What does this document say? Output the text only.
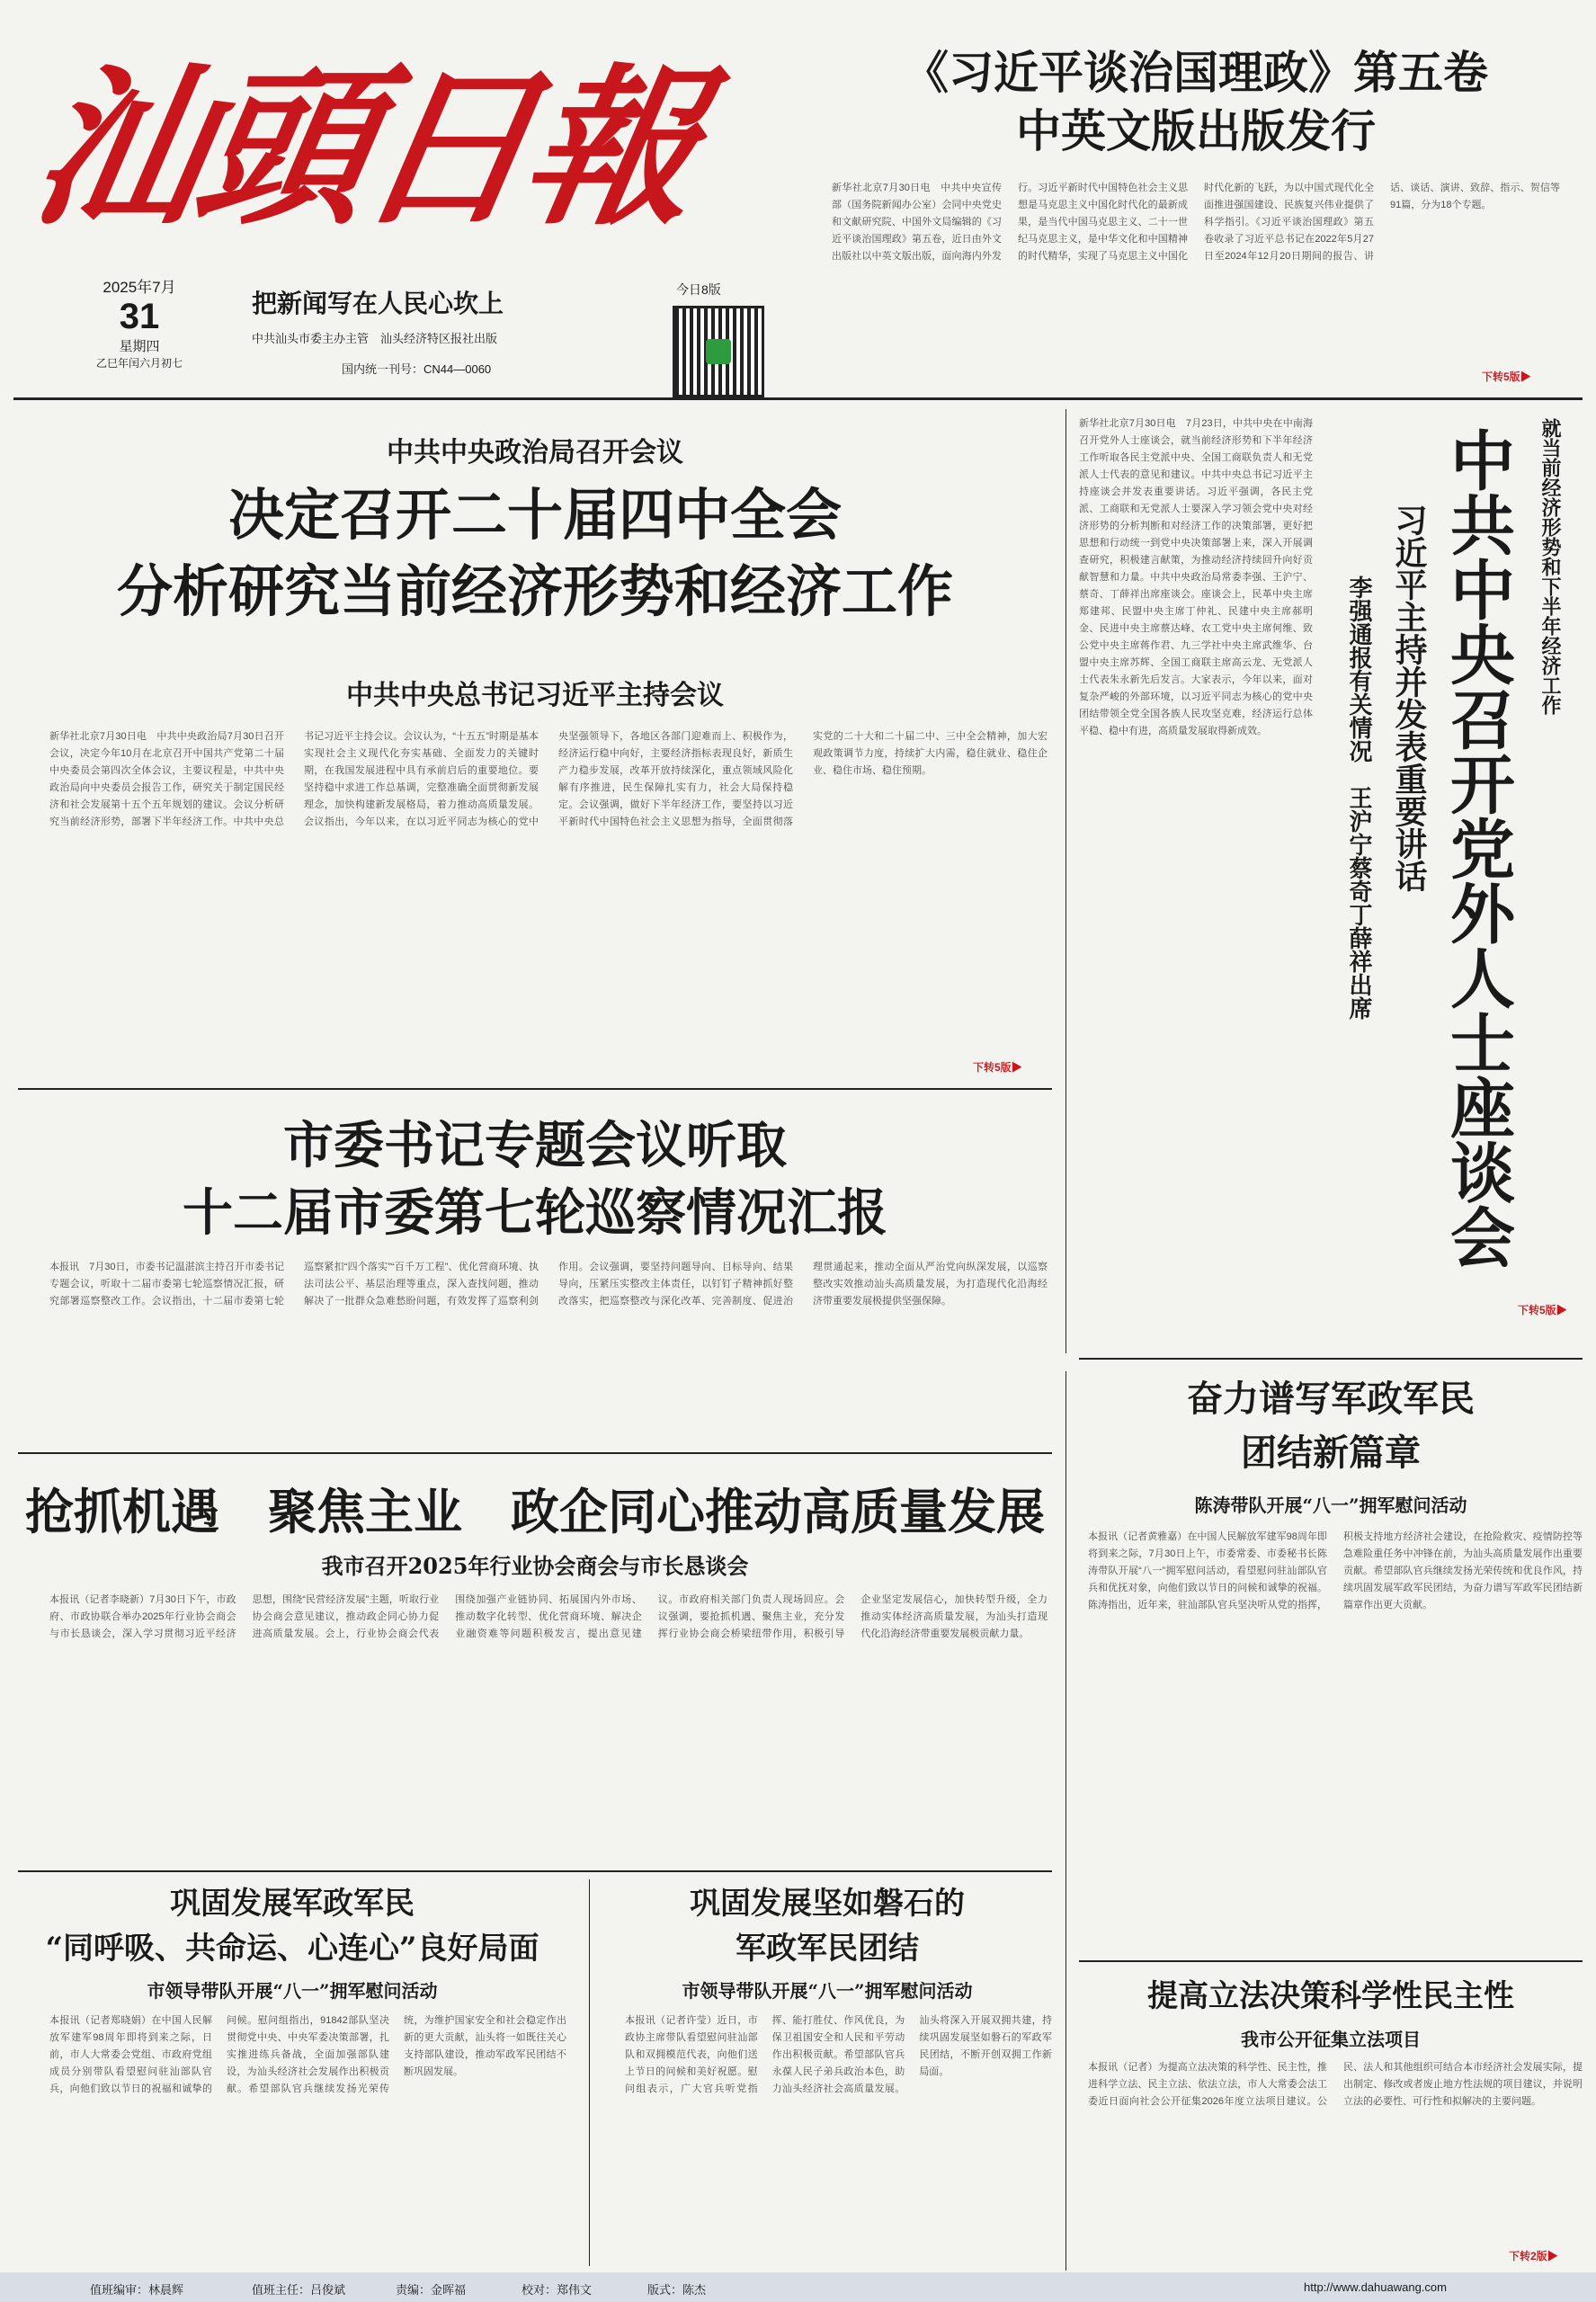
汕頭日報
2025年7月
31
星期四
乙巳年闰六月初七
把新闻写在人民心坎上
中共汕头市委主办主管　汕头经济特区报社出版
国内统一刊号：CN44—0060
今日8版
《习近平谈治国理政》第五卷
中英文版出版发行
新华社北京7月30日电　中共中央宣传部（国务院新闻办公室）会同中央党史和文献研究院、中国外文局编辑的《习近平谈治国理政》第五卷，近日由外文出版社以中英文版出版，面向海内外发行。习近平新时代中国特色社会主义思想是马克思主义中国化时代化的最新成果，是当代中国马克思主义、二十一世纪马克思主义，是中华文化和中国精神的时代精华，实现了马克思主义中国化时代化新的飞跃，为以中国式现代化全面推进强国建设、民族复兴伟业提供了科学指引。《习近平谈治国理政》第五卷收录了习近平总书记在2022年5月27日至2024年12月20日期间的报告、讲话、谈话、演讲、致辞、指示、贺信等91篇，分为18个专题。
下转5版▶
中共中央政治局召开会议
决定召开二十届四中全会
分析研究当前经济形势和经济工作
中共中央总书记习近平主持会议
新华社北京7月30日电　中共中央政治局7月30日召开会议，决定今年10月在北京召开中国共产党第二十届中央委员会第四次全体会议，主要议程是，中共中央政治局向中央委员会报告工作，研究关于制定国民经济和社会发展第十五个五年规划的建议。会议分析研究当前经济形势，部署下半年经济工作。中共中央总书记习近平主持会议。会议认为，“十五五”时期是基本实现社会主义现代化夯实基础、全面发力的关键时期，在我国发展进程中具有承前启后的重要地位。要坚持稳中求进工作总基调，完整准确全面贯彻新发展理念，加快构建新发展格局，着力推动高质量发展。会议指出，今年以来，在以习近平同志为核心的党中央坚强领导下，各地区各部门迎难而上、积极作为，经济运行稳中向好，主要经济指标表现良好，新质生产力稳步发展，改革开放持续深化，重点领域风险化解有序推进，民生保障扎实有力，社会大局保持稳定。会议强调，做好下半年经济工作，要坚持以习近平新时代中国特色社会主义思想为指导，全面贯彻落实党的二十大和二十届二中、三中全会精神，加大宏观政策调节力度，持续扩大内需，稳住就业、稳住企业、稳住市场、稳住预期。
下转5版▶
新华社北京7月30日电　7月23日，中共中央在中南海召开党外人士座谈会，就当前经济形势和下半年经济工作听取各民主党派中央、全国工商联负责人和无党派人士代表的意见和建议。中共中央总书记习近平主持座谈会并发表重要讲话。习近平强调，各民主党派、工商联和无党派人士要深入学习领会党中央对经济形势的分析判断和对经济工作的决策部署，更好把思想和行动统一到党中央决策部署上来，深入开展调查研究，积极建言献策，为推动经济持续回升向好贡献智慧和力量。中共中央政治局常委李强、王沪宁、蔡奇、丁薛祥出席座谈会。座谈会上，民革中央主席郑建邦、民盟中央主席丁仲礼、民建中央主席郝明金、民进中央主席蔡达峰、农工党中央主席何维、致公党中央主席蒋作君、九三学社中央主席武维华、台盟中央主席苏辉、全国工商联主席高云龙、无党派人士代表朱永新先后发言。大家表示，今年以来，面对复杂严峻的外部环境，以习近平同志为核心的党中央团结带领全党全国各族人民攻坚克难，经济运行总体平稳、稳中有进，高质量发展取得新成效。
就当前经济形势和下半年经济工作
中共中央召开党外人士座谈会
习近平主持并发表重要讲话
李强通报有关情况　王沪宁蔡奇丁薛祥出席
下转5版▶
市委书记专题会议听取
十二届市委第七轮巡察情况汇报
本报讯　7月30日，市委书记温湛滨主持召开市委书记专题会议，听取十二届市委第七轮巡察情况汇报，研究部署巡察整改工作。会议指出，十二届市委第七轮巡察紧扣“四个落实”“百千万工程”、优化营商环境、执法司法公平、基层治理等重点，深入查找问题，推动解决了一批群众急难愁盼问题，有效发挥了巡察利剑作用。会议强调，要坚持问题导向、目标导向、结果导向，压紧压实整改主体责任，以钉钉子精神抓好整改落实，把巡察整改与深化改革、完善制度、促进治理贯通起来，推动全面从严治党向纵深发展，以巡察整改实效推动汕头高质量发展，为打造现代化沿海经济带重要发展极提供坚强保障。
抢抓机遇　聚焦主业　政企同心推动高质量发展
我市召开2025年行业协会商会与市长恳谈会
本报讯（记者李晓新）7月30日下午，市政府、市政协联合举办2025年行业协会商会与市长恳谈会，深入学习贯彻习近平经济思想，围绕“民营经济发展”主题，听取行业协会商会意见建议，推动政企同心协力促进高质量发展。会上，行业协会商会代表围绕加强产业链协同、拓展国内外市场、推动数字化转型、优化营商环境、解决企业融资难等问题积极发言，提出意见建议。市政府相关部门负责人现场回应。会议强调，要抢抓机遇、聚焦主业，充分发挥行业协会商会桥梁纽带作用，积极引导企业坚定发展信心，加快转型升级，全力推动实体经济高质量发展，为汕头打造现代化沿海经济带重要发展极贡献力量。
巩固发展军政军民
“同呼吸、共命运、心连心”良好局面
市领导带队开展“八一”拥军慰问活动
本报讯（记者郑晓娟）在中国人民解放军建军98周年即将到来之际，日前，市人大常委会党组、市政府党组成员分别带队看望慰问驻汕部队官兵，向他们致以节日的祝福和诚挚的问候。慰问组指出，91842部队坚决贯彻党中央、中央军委决策部署，扎实推进练兵备战，全面加强部队建设，为汕头经济社会发展作出积极贡献。希望部队官兵继续发扬光荣传统，为维护国家安全和社会稳定作出新的更大贡献，汕头将一如既往关心支持部队建设，推动军政军民团结不断巩固发展。
巩固发展坚如磐石的
军政军民团结
市领导带队开展“八一”拥军慰问活动
本报讯（记者许莹）近日，市政协主席带队看望慰问驻汕部队和双拥模范代表，向他们送上节日的问候和美好祝愿。慰问组表示，广大官兵听党指挥、能打胜仗、作风优良，为保卫祖国安全和人民和平劳动作出积极贡献。希望部队官兵永葆人民子弟兵政治本色，助力汕头经济社会高质量发展。汕头将深入开展双拥共建，持续巩固发展坚如磐石的军政军民团结，不断开创双拥工作新局面。
奋力谱写军政军民
团结新篇章
陈涛带队开展“八一”拥军慰问活动
本报讯（记者黄雅嘉）在中国人民解放军建军98周年即将到来之际，7月30日上午，市委常委、市委秘书长陈涛带队开展“八一”拥军慰问活动，看望慰问驻汕部队官兵和优抚对象，向他们致以节日的问候和诚挚的祝福。陈涛指出，近年来，驻汕部队官兵坚决听从党的指挥，积极支持地方经济社会建设，在抢险救灾、疫情防控等急难险重任务中冲锋在前，为汕头高质量发展作出重要贡献。希望部队官兵继续发扬光荣传统和优良作风，持续巩固发展军政军民团结，为奋力谱写军政军民团结新篇章作出更大贡献。
提高立法决策科学性民主性
我市公开征集立法项目
本报讯（记者）为提高立法决策的科学性、民主性，推进科学立法、民主立法、依法立法，市人大常委会法工委近日面向社会公开征集2026年度立法项目建议。公民、法人和其他组织可结合本市经济社会发展实际，提出制定、修改或者废止地方性法规的项目建议，并说明立法的必要性、可行性和拟解决的主要问题。
下转2版▶
值班编审：林晨辉	值班主任：吕俊斌	责编：金晖福	校对：郑伟文	版式：陈杰	http://www.dahuawang.com
